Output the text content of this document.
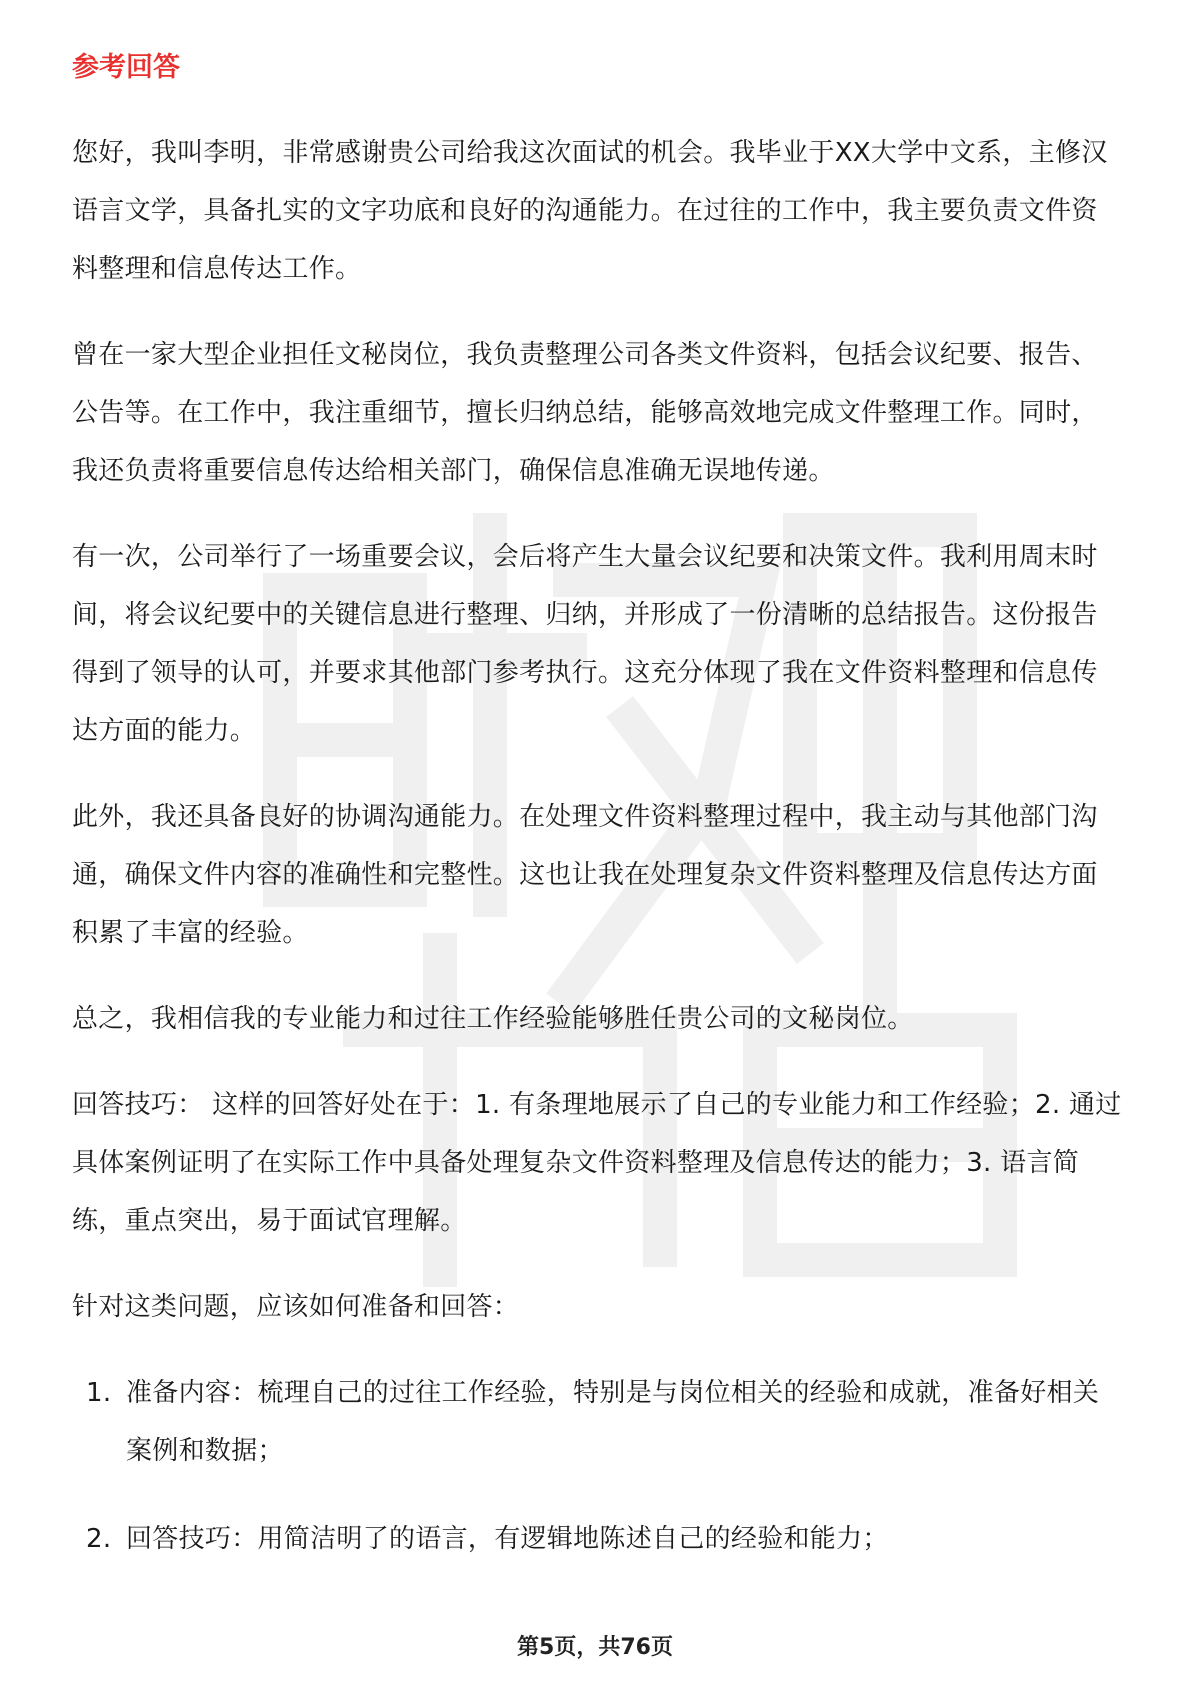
参考回答

您好，我叫李明，非常感谢贵公司给我这次面试的机会。我毕业于XX大学中文系，主修汉语言文学，具备扎实的文字功底和良好的沟通能力。在过往的工作中，我主要负责文件资料整理和信息传达工作。

曾在一家大型企业担任文秘岗位，我负责整理公司各类文件资料，包括会议纪要、报告、公告等。在工作中，我注重细节，擅长归纳总结，能够高效地完成文件整理工作。同时，我还负责将重要信息传达给相关部门，确保信息准确无误地传递。

有一次，公司举行了一场重要会议，会后将产生大量会议纪要和决策文件。我利用周末时间，将会议纪要中的关键信息进行整理、归纳，并形成了一份清晰的总结报告。这份报告得到了领导的认可，并要求其他部门参考执行。这充分体现了我在文件资料整理和信息传达方面的能力。

此外，我还具备良好的协调沟通能力。在处理文件资料整理过程中，我主动与其他部门沟通，确保文件内容的准确性和完整性。这也让我在处理复杂文件资料整理及信息传达方面积累了丰富的经验。

总之，我相信我的专业能力和过往工作经验能够胜任贵公司的文秘岗位。

回答技巧： 这样的回答好处在于：1. 有条理地展示了自己的专业能力和工作经验；2. 通过具体案例证明了在实际工作中具备处理复杂文件资料整理及信息传达的能力；3. 语言简练，重点突出，易于面试官理解。

针对这类问题，应该如何准备和回答：

1. 准备内容：梳理自己的过往工作经验，特别是与岗位相关的经验和成就，准备好相关案例和数据；
2. 回答技巧：用简洁明了的语言，有逻辑地陈述自己的经验和能力；
第5页，共76页
